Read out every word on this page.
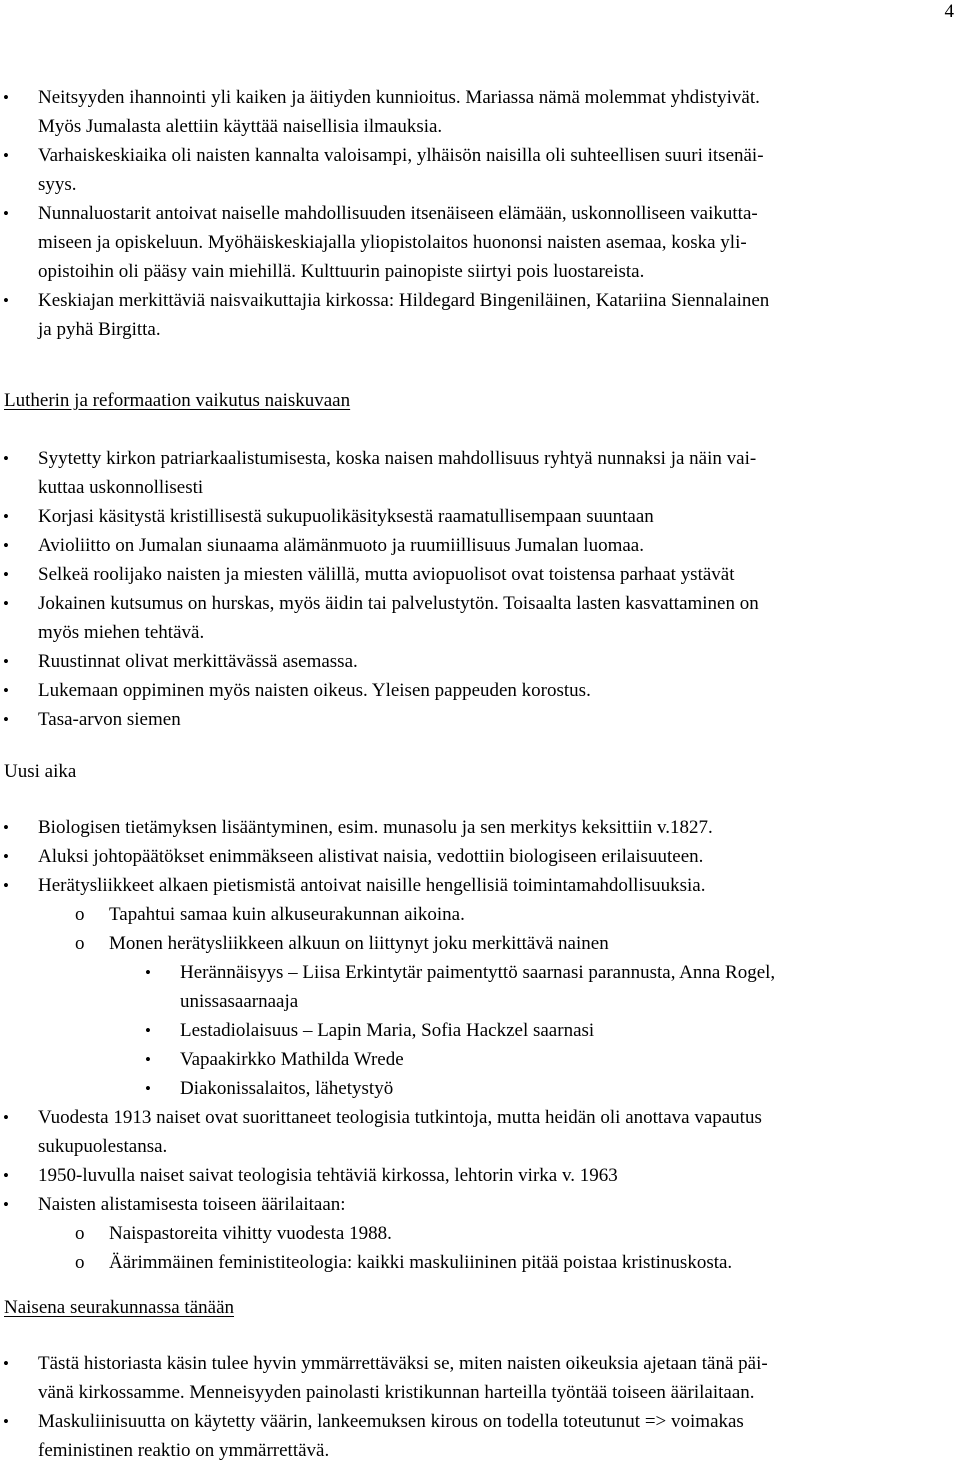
4
• Neitsyyden ihannointi yli kaiken ja äitiyden kunnioitus. Mariassa nämä molemmat yhdistyivät.
Myös Jumalasta alettiin käyttää naisellisia ilmauksia.
• Varhaiskeskiaika oli naisten kannalta valoisampi, ylhäisön naisilla oli suhteellisen suuri itsenäi-
syys.
• Nunnaluostarit antoivat naiselle mahdollisuuden itsenäiseen elämään, uskonnolliseen vaikutta-
miseen ja opiskeluun. Myöhäiskeskiajalla yliopistolaitos huononsi naisten asemaa, koska yli-
opistoihin oli pääsy vain miehillä. Kulttuurin painopiste siirtyi pois luostareista.
• Keskiajan merkittäviä naisvaikuttajia kirkossa: Hildegard Bingeniläinen, Katariina Siennalainen
ja pyhä Birgitta.
Lutherin ja reformaation vaikutus naiskuvaan
• Syytetty kirkon patriarkaalistumisesta, koska naisen mahdollisuus ryhtyä nunnaksi ja näin vai-
kuttaa uskonnollisesti
• Korjasi käsitystä kristillisestä sukupuolikäsityksestä raamatullisempaan suuntaan
• Avioliitto on Jumalan siunaama alämänmuoto ja ruumiillisuus Jumalan luomaa.
• Selkeä roolijako naisten ja miesten välillä, mutta aviopuolisot ovat toistensa parhaat ystävät
• Jokainen kutsumus on hurskas, myös äidin tai palvelustytön. Toisaalta lasten kasvattaminen on
myös miehen tehtävä.
• Ruustinnat olivat merkittävässä asemassa.
• Lukemaan oppiminen myös naisten oikeus. Yleisen pappeuden korostus.
• Tasa-arvon siemen
Uusi aika
• Biologisen tietämyksen lisääntyminen, esim. munasolu ja sen merkitys keksittiin v.1827.
• Aluksi johtopäätökset enimmäkseen alistivat naisia, vedottiin biologiseen erilaisuuteen.
• Herätysliikkeet alkaen pietismistä antoivat naisille hengellisiä toimintamahdollisuuksia.
o Tapahtui samaa kuin alkuseurakunnan aikoina.
o Monen herätysliikkeen alkuun on liittynyt joku merkittävä nainen
• Herännäisyys – Liisa Erkintytär paimentyttö saarnasi parannusta, Anna Rogel,
unissasaarnaaja
• Lestadiolaisuus – Lapin Maria, Sofia Hackzel saarnasi
• Vapaakirkko Mathilda Wrede
• Diakonissalaitos, lähetystyö
• Vuodesta 1913 naiset ovat suorittaneet teologisia tutkintoja, mutta heidän oli anottava vapautus
sukupuolestansa.
• 1950-luvulla naiset saivat teologisia tehtäviä kirkossa, lehtorin virka v. 1963
• Naisten alistamisesta toiseen äärilaitaan:
o Naispastoreita vihitty vuodesta 1988.
o Äärimmäinen feministiteologia: kaikki maskuliininen pitää poistaa kristinuskosta.
Naisena seurakunnassa tänään
• Tästä historiasta käsin tulee hyvin ymmärrettäväksi se, miten naisten oikeuksia ajetaan tänä päi-
vänä kirkossamme. Menneisyyden painolasti kristikunnan harteilla työntää toiseen äärilaitaan.
• Maskuliinisuutta on käytetty väärin, lankeemuksen kirous on todella toteutunut => voimakas
feministinen reaktio on ymmärrettävä.
